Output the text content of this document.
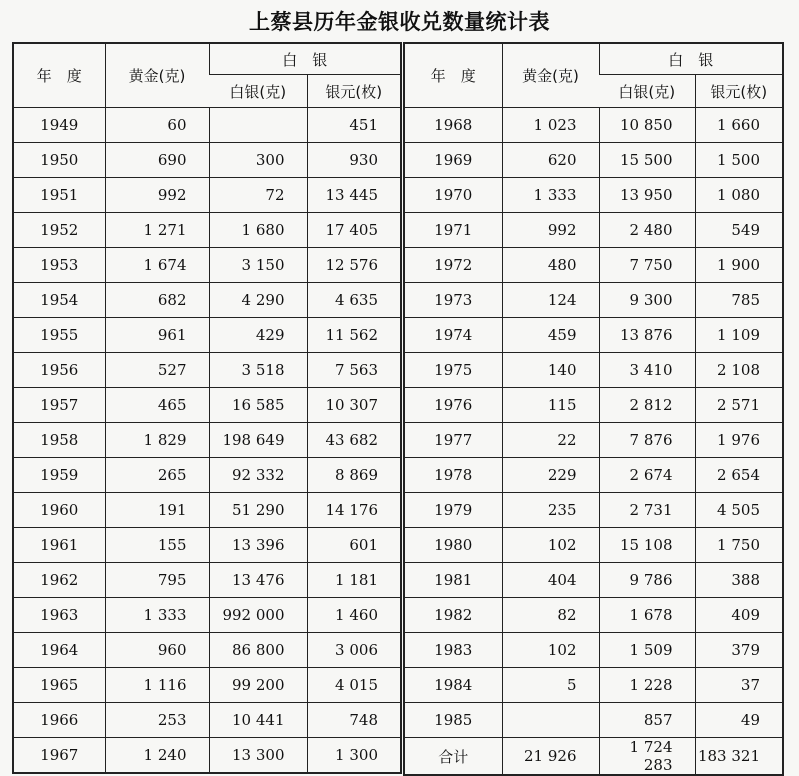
上蔡县历年金银收兑数量统计表
年　度	黄金(克)	白　银	
		白银(克)	银元(枚)
1949	60		451
1950	690	300	930
1951	992	72	13 445
1952	1 271	1 680	17 405
1953	1 674	3 150	12 576
1954	682	4 290	4 635
1955	961	429	11 562
1956	527	3 518	7 563
1957	465	16 585	10 307
1958	1 829	198 649	43 682
1959	265	92 332	8 869
1960	191	51 290	14 176
1961	155	13 396	601
1962	795	13 476	1 181
1963	1 333	992 000	1 460
1964	960	86 800	3 006
1965	1 116	99 200	4 015
1966	253	10 441	748
1967	1 240	13 300	1 300
年　度	黄金(克)	白　银	
		白银(克)	银元(枚)
1968	1 023	10 850	1 660
1969	620	15 500	1 500
1970	1 333	13 950	1 080
1971	992	2 480	549
1972	480	7 750	1 900
1973	124	9 300	785
1974	459	13 876	1 109
1975	140	3 410	2 108
1976	115	2 812	2 571
1977	22	7 876	1 976
1978	229	2 674	2 654
1979	235	2 731	4 505
1980	102	15 108	1 750
1981	404	9 786	388
1982	82	1 678	409
1983	102	1 509	379
1984	5	1 228	37
1985		857	49
合计	21 926	1 724 283	183 321
